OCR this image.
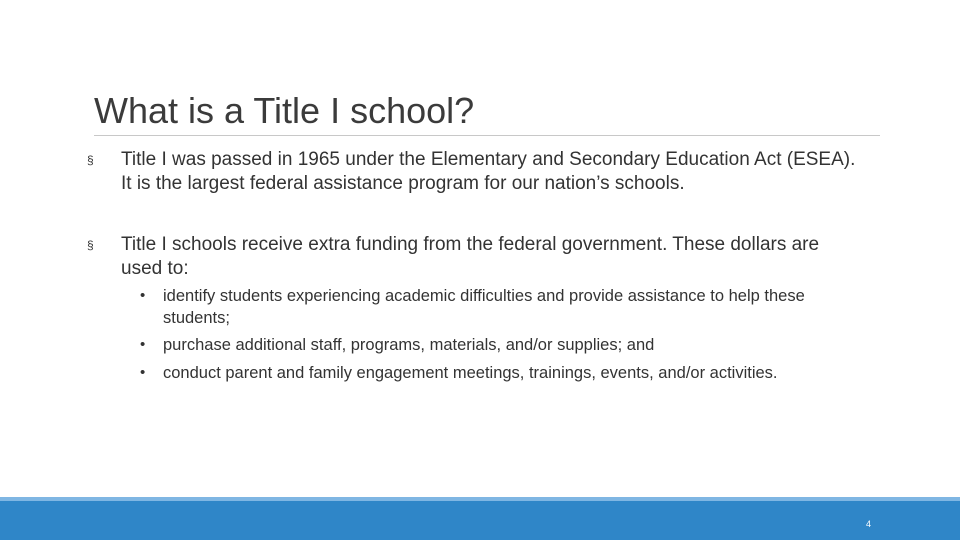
What is a Title I school?
§ Title I was passed in 1965 under the Elementary and Secondary Education Act (ESEA). It is the largest federal assistance program for our nation’s schools.
§ Title I schools receive extra funding from the federal government. These dollars are used to:
• identify students experiencing academic difficulties and provide assistance to help these students;
• purchase additional staff, programs, materials, and/or supplies; and
• conduct parent and family engagement meetings, trainings, events, and/or activities.
4
